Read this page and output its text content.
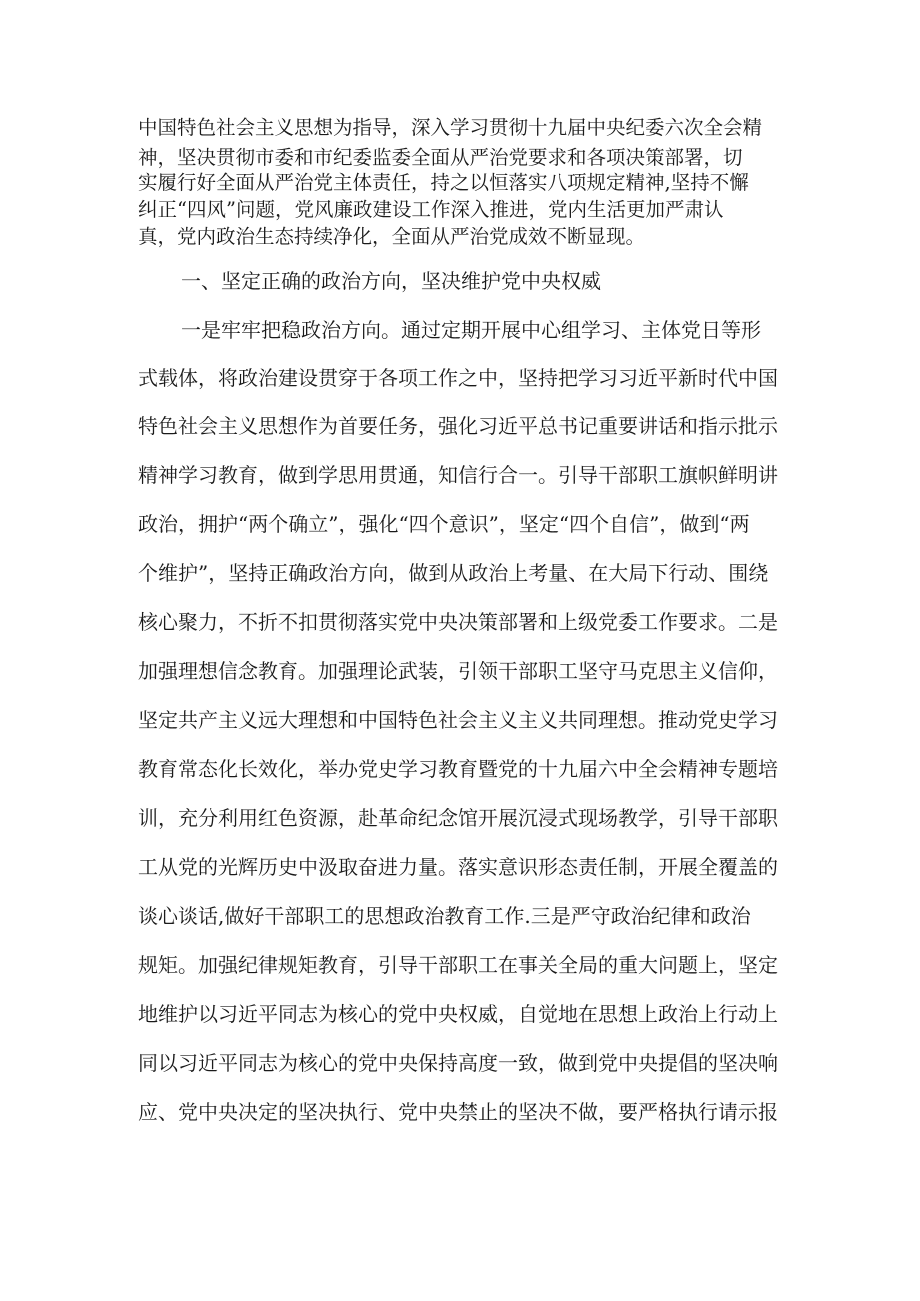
中国特色社会主义思想为指导，深入学习贯彻十九届中央纪委六次全会精
神，坚决贯彻市委和市纪委监委全面从严治党要求和各项决策部署，切
实履行好全面从严治党主体责任，持之以恒落实八项规定精神,坚持不懈
纠正“四风”问题，党风廉政建设工作深入推进，党内生活更加严肃认
真，党内政治生态持续净化，全面从严治党成效不断显现。
一、坚定正确的政治方向，坚决维护党中央权威
一是牢牢把稳政治方向。通过定期开展中心组学习、主体党日等形
式载体，将政治建设贯穿于各项工作之中，坚持把学习习近平新时代中国
特色社会主义思想作为首要任务，强化习近平总书记重要讲话和指示批示
精神学习教育，做到学思用贯通，知信行合一。引导干部职工旗帜鲜明讲
政治，拥护“两个确立”，强化“四个意识”，坚定“四个自信”，做到“两
个维护”，坚持正确政治方向，做到从政治上考量、在大局下行动、围绕
核心聚力，不折不扣贯彻落实党中央决策部署和上级党委工作要求。二是
加强理想信念教育。加强理论武装，引领干部职工坚守马克思主义信仰，
坚定共产主义远大理想和中国特色社会主义主义共同理想。推动党史学习
教育常态化长效化，举办党史学习教育暨党的十九届六中全会精神专题培
训，充分利用红色资源，赴革命纪念馆开展沉浸式现场教学，引导干部职
工从党的光辉历史中汲取奋进力量。落实意识形态责任制，开展全覆盖的
谈心谈话,做好干部职工的思想政治教育工作.三是严守政治纪律和政治
规矩。加强纪律规矩教育，引导干部职工在事关全局的重大问题上，坚定
地维护以习近平同志为核心的党中央权威，自觉地在思想上政治上行动上
同以习近平同志为核心的党中央保持高度一致，做到党中央提倡的坚决响
应、党中央决定的坚决执行、党中央禁止的坚决不做，要严格执行请示报
